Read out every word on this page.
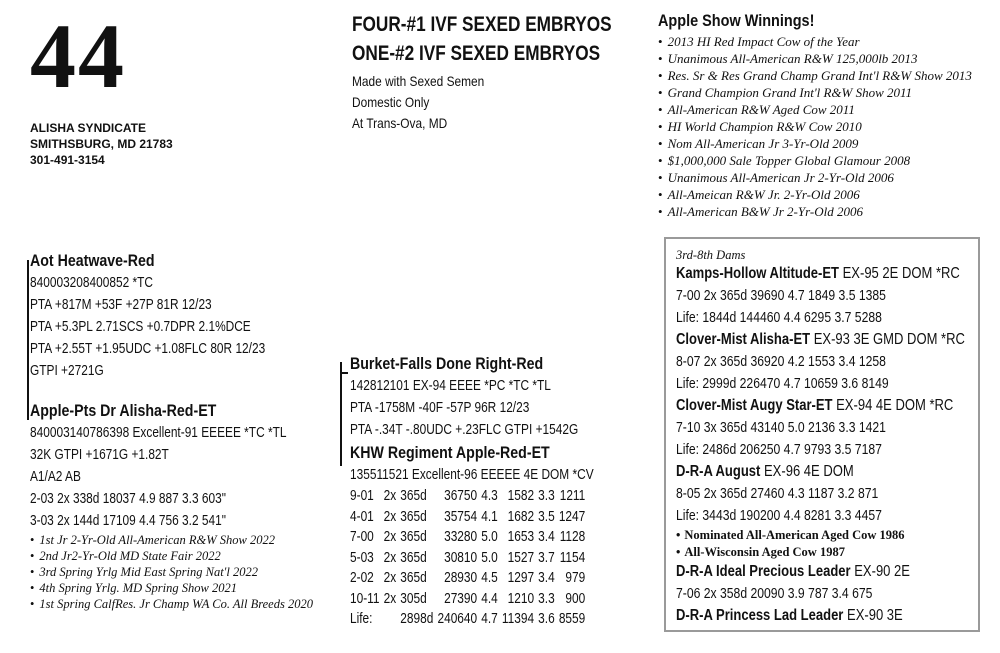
44
ALISHA SYNDICATE
SMITHSBURG, MD 21783
301-491-3154
FOUR-#1 IVF SEXED EMBRYOS
ONE-#2 IVF SEXED EMBRYOS
Made with Sexed Semen
Domestic Only
At Trans-Ova, MD
Apple Show Winnings!
• 2013 HI Red Impact Cow of the Year
• Unanimous All-American R&W 125,000lb 2013
• Res. Sr & Res Grand Champ Grand Int'l R&W Show 2013
• Grand Champion Grand Int'l R&W Show 2011
• All-American R&W Aged Cow 2011
• HI World Champion R&W Cow 2010
• Nom All-American Jr 3-Yr-Old 2009
• $1,000,000 Sale Topper Global Glamour 2008
• Unanimous All-American Jr 2-Yr-Old 2006
• All-Ameican R&W Jr. 2-Yr-Old 2006
• All-American B&W Jr 2-Yr-Old 2006
Aot Heatwave-Red
840003208400852 *TC
PTA +817M +53F +27P 81R 12/23
PTA +5.3PL 2.71SCS +0.7DPR 2.1%DCE
PTA +2.55T +1.95UDC +1.08FLC 80R 12/23
GTPI +2721G
Apple-Pts Dr Alisha-Red-ET
840003140786398 Excellent-91 EEEEE *TC *TL
32K GTPI +1671G +1.82T
A1/A2 AB
2-03 2x 338d 18037 4.9 887 3.3 603"
3-03 2x 144d 17109 4.4 756 3.2 541"
• 1st Jr 2-Yr-Old All-American R&W Show 2022
• 2nd Jr2-Yr-Old MD State Fair 2022
• 3rd Spring Yrlg Mid East Spring Nat'l 2022
• 4th Spring Yrlg. MD Spring Show 2021
• 1st Spring CalfRes. Jr Champ WA Co. All Breeds 2020
Burket-Falls Done Right-Red
142812101 EX-94 EEEE *PC *TC *TL
PTA -1758M -40F -57P 96R 12/23
PTA -.34T -.80UDC +.23FLC GTPI +1542G
KHW Regiment Apple-Red-ET
135511521 Excellent-96 EEEEE 4E DOM *CV
9-01	2x	365d	36750	4.3	1582	3.3	1211
4-01	2x	365d	35754	4.1	1682	3.5	1247
7-00	2x	365d	33280	5.0	1653	3.4	1128
5-03	2x	365d	30810	5.0	1527	3.7	1154
2-02	2x	365d	28930	4.5	1297	3.4	979
10-11	2x	305d	27390	4.4	1210	3.3	900
Life:		2898d	240640	4.7	11394	3.6	8559
3rd-8th Dams
Kamps-Hollow Altitude-ET EX-95 2E DOM *RC
7-00 2x 365d 39690 4.7 1849 3.5 1385
Life: 1844d 144460 4.4 6295 3.7 5288
Clover-Mist Alisha-ET EX-93 3E GMD DOM *RC
8-07 2x 365d 36920 4.2 1553 3.4 1258
Life: 2999d 226470 4.7 10659 3.6 8149
Clover-Mist Augy Star-ET EX-94 4E DOM *RC
7-10 3x 365d 43140 5.0 2136 3.3 1421
Life: 2486d 206250 4.7 9793 3.5 7187
D-R-A August EX-96 4E DOM
8-05 2x 365d 27460 4.3 1187 3.2 871
Life: 3443d 190200 4.4 8281 3.3 4457
• Nominated All-American Aged Cow 1986
• All-Wisconsin Aged Cow 1987
D-R-A Ideal Precious Leader EX-90 2E
7-06 2x 358d 20090 3.9 787 3.4 675
D-R-A Princess Lad Leader EX-90 3E
